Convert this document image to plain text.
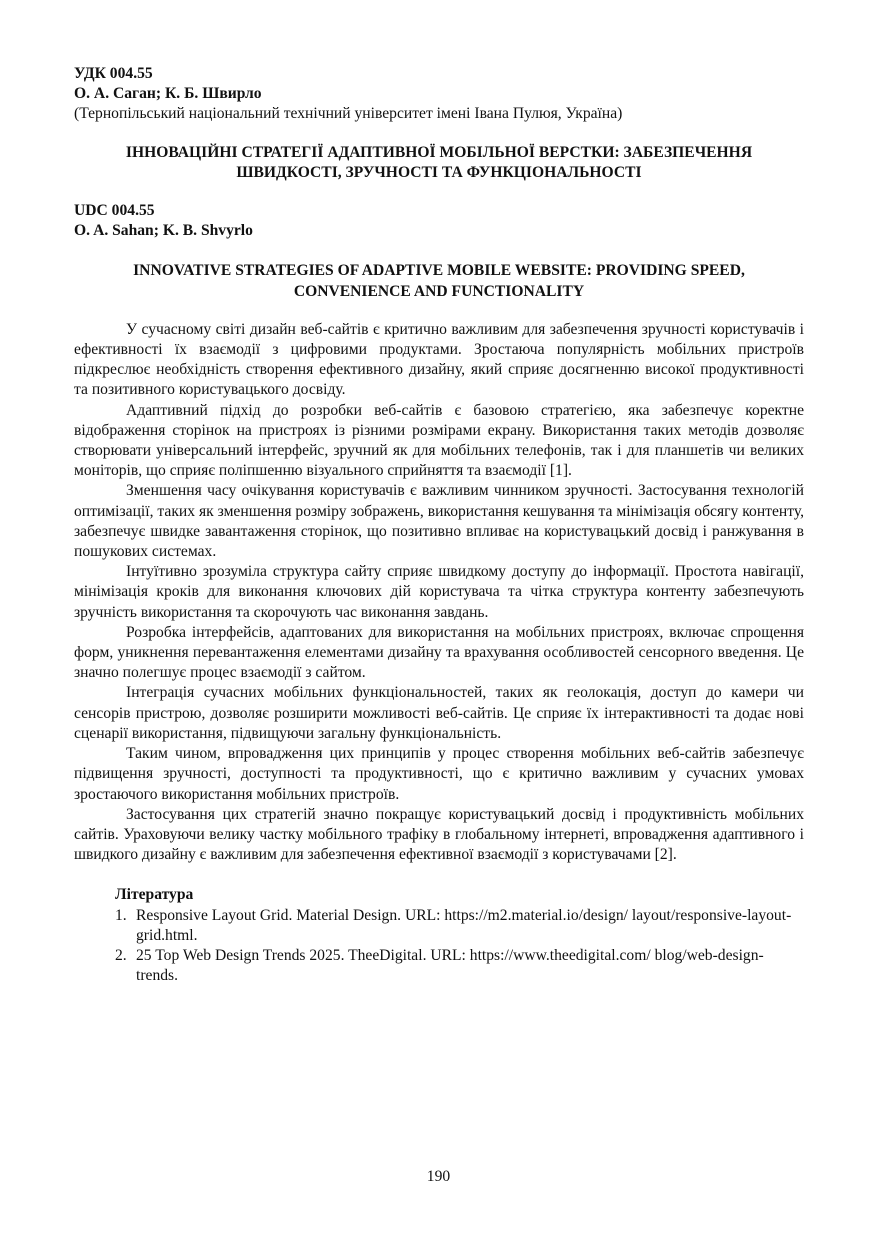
УДК 004.55

О. А. Саган; К. Б. Швирло

(Тернопільський національний технічний університет імені Івана Пулюя, Україна)

ІННОВАЦІЙНІ СТРАТЕГІЇ АДАПТИВНОЇ МОБІЛЬНОЇ ВЕРСТКИ: ЗАБЕЗПЕЧЕННЯ ШВИДКОСТІ, ЗРУЧНОСТІ ТА ФУНКЦІОНАЛЬНОСТІ

UDC 004.55

O. A. Sahan; K. B. Shvyrlo

INNOVATIVE STRATEGIES OF ADAPTIVE MOBILE WEBSITE: PROVIDING SPEED, CONVENIENCE AND FUNCTIONALITY

У сучасному світі дизайн веб-сайтів є критично важливим для забезпечення зручності користувачів і ефективності їх взаємодії з цифровими продуктами. Зростаюча популярність мобільних пристроїв підкреслює необхідність створення ефективного дизайну, який сприяє досягненню високої продуктивності та позитивного користувацького досвіду.

Адаптивний підхід до розробки веб-сайтів є базовою стратегією, яка забезпечує коректне відображення сторінок на пристроях із різними розмірами екрану. Використання таких методів дозволяє створювати універсальний інтерфейс, зручний як для мобільних телефонів, так і для планшетів чи великих моніторів, що сприяє поліпшенню візуального сприйняття та взаємодії [1].

Зменшення часу очікування користувачів є важливим чинником зручності. Застосування технологій оптимізації, таких як зменшення розміру зображень, використання кешування та мінімізація обсягу контенту, забезпечує швидке завантаження сторінок, що позитивно впливає на користувацький досвід і ранжування в пошукових системах.

Інтуїтивно зрозуміла структура сайту сприяє швидкому доступу до інформації. Простота навігації, мінімізація кроків для виконання ключових дій користувача та чітка структура контенту забезпечують зручність використання та скорочують час виконання завдань.

Розробка інтерфейсів, адаптованих для використання на мобільних пристроях, включає спрощення форм, уникнення перевантаження елементами дизайну та врахування особливостей сенсорного введення. Це значно полегшує процес взаємодії з сайтом.

Інтеграція сучасних мобільних функціональностей, таких як геолокація, доступ до камери чи сенсорів пристрою, дозволяє розширити можливості веб-сайтів. Це сприяє їх інтерактивності та додає нові сценарії використання, підвищуючи загальну функціональність.

Таким чином, впровадження цих принципів у процес створення мобільних веб-сайтів забезпечує підвищення зручності, доступності та продуктивності, що є критично важливим у сучасних умовах зростаючого використання мобільних пристроїв.

Застосування цих стратегій значно покращує користувацький досвід і продуктивність мобільних сайтів. Ураховуючи велику частку мобільного трафіку в глобальному інтернеті, впровадження адаптивного і швидкого дизайну є важливим для забезпечення ефективної взаємодії з користувачами [2].

Література

1. Responsive Layout Grid. Material Design. URL: https://m2.material.io/design/ layout/responsive-layout-grid.html.
2. 25 Top Web Design Trends 2025. TheeDigital. URL: https://www.theedigital.com/ blog/web-design-trends.
190
